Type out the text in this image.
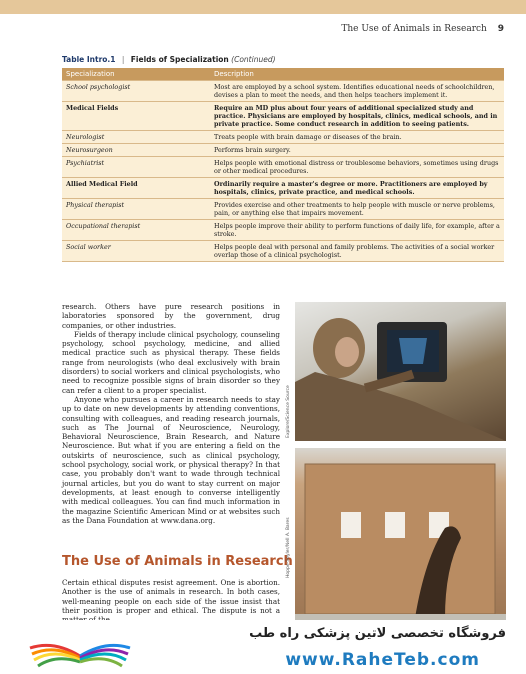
The Use of Animals in Research 9
Table Intro.1 | Fields of Specialization (Continued)
Specialization	Description
School psychologist	Most are employed by a school system. Identifies educational needs of schoolchildren, devises a plan to meet the needs, and then helps teachers implement it.
Medical Fields	Require an MD plus about four years of additional specialized study and practice. Physicians are employed by hospitals, clinics, medical schools, and in private practice. Some conduct research in addition to seeing patients.
Neurologist	Treats people with brain damage or diseases of the brain.
Neurosurgeon	Performs brain surgery.
Psychiatrist	Helps people with emotional distress or troublesome behaviors, sometimes using drugs or other medical procedures.
Allied Medical Field	Ordinarily require a master's degree or more. Practitioners are employed by hospitals, clinics, private practice, and medical schools.
Physical therapist	Provides exercise and other treatments to help people with muscle or nerve problems, pain, or anything else that impairs movement.
Occupational therapist	Helps people improve their ability to perform functions of daily life, for example, after a stroke.
Social worker	Helps people deal with personal and family problems. The activities of a social worker overlap those of a clinical psychologist.

research. Others have pure research positions in laboratories sponsored by the government, drug companies, or other industries.

Fields of therapy include clinical psychology, counseling psychology, school psychology, medicine, and allied medical practice such as physical therapy. These fields range from neurologists (who deal exclusively with brain disorders) to social workers and clinical psychologists, who need to recognize possible signs of brain disorder so they can refer a client to a proper specialist.

Anyone who pursues a career in research needs to stay up to date on new developments by attending conventions, consulting with colleagues, and reading research journals, such as The Journal of Neuroscience, Neurology, Behavioral Neuroscience, Brain Research, and Nature Neuroscience. But what if you are entering a field on the outskirts of neuroscience, such as clinical psychology, school psychology, social work, or physical therapy? In that case, you probably don't want to wade through technical journal articles, but you do want to stay current on major developments, at least enough to converse intelligently with medical colleagues. You can find much information in the magazine Scientific American Mind or at websites such as the Dana Foundation at www.dana.org.

The Use of Animals in Research

Certain ethical disputes resist agreement. One is abortion. Another is the use of animals in research. In both cases, well-meaning people on each side of the issue insist that their position is proper and ethical. The dispute is not a

Explore/Science Source
Hoppe-Seyler/Nell A. Bares
فروشگاه تخصصی لاتین پزشکی راه طب
www.RaheTeb.com
